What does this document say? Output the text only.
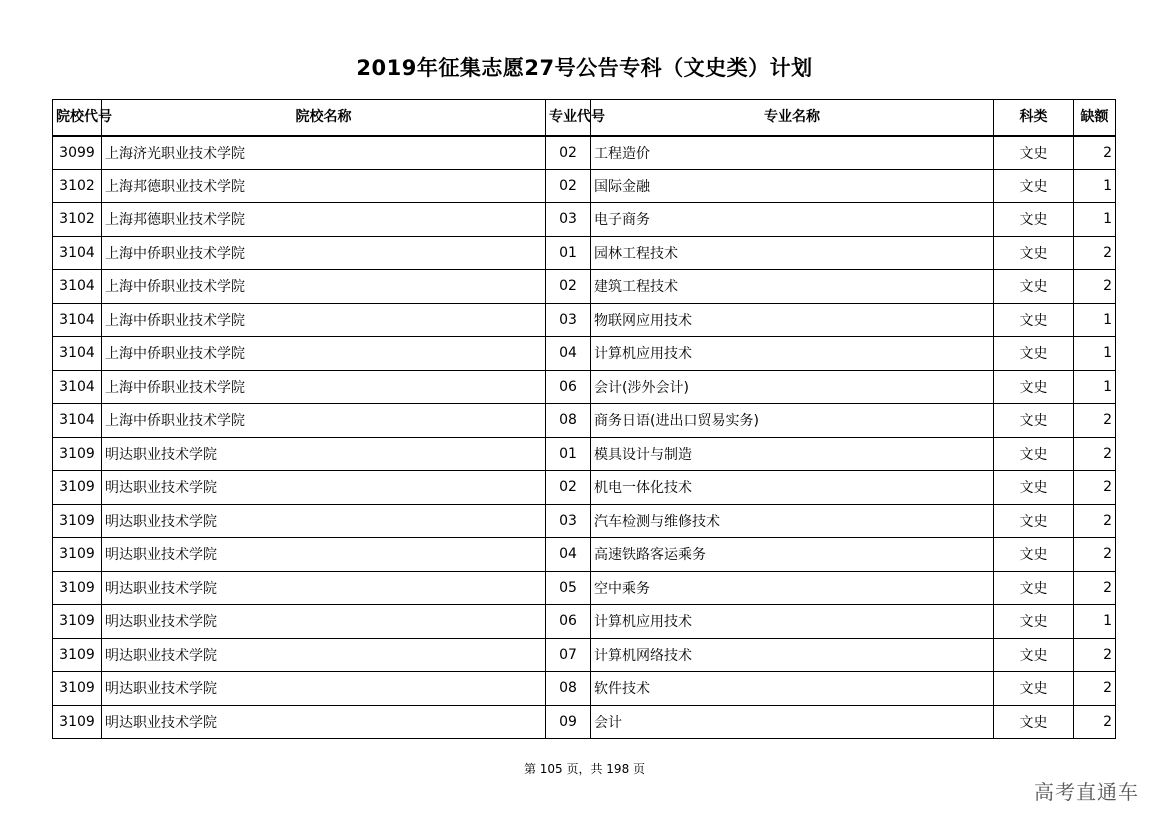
2019年征集志愿27号公告专科（文史类）计划
院校代号	院校名称	专业代号	专业名称	科类	缺额
3099	上海济光职业技术学院	02	工程造价	文史	2
3102	上海邦德职业技术学院	02	国际金融	文史	1
3102	上海邦德职业技术学院	03	电子商务	文史	1
3104	上海中侨职业技术学院	01	园林工程技术	文史	2
3104	上海中侨职业技术学院	02	建筑工程技术	文史	2
3104	上海中侨职业技术学院	03	物联网应用技术	文史	1
3104	上海中侨职业技术学院	04	计算机应用技术	文史	1
3104	上海中侨职业技术学院	06	会计(涉外会计)	文史	1
3104	上海中侨职业技术学院	08	商务日语(进出口贸易实务)	文史	2
3109	明达职业技术学院	01	模具设计与制造	文史	2
3109	明达职业技术学院	02	机电一体化技术	文史	2
3109	明达职业技术学院	03	汽车检测与维修技术	文史	2
3109	明达职业技术学院	04	高速铁路客运乘务	文史	2
3109	明达职业技术学院	05	空中乘务	文史	2
3109	明达职业技术学院	06	计算机应用技术	文史	1
3109	明达职业技术学院	07	计算机网络技术	文史	2
3109	明达职业技术学院	08	软件技术	文史	2
3109	明达职业技术学院	09	会计	文史	2
第 105 页，共 198 页
高考直通车
